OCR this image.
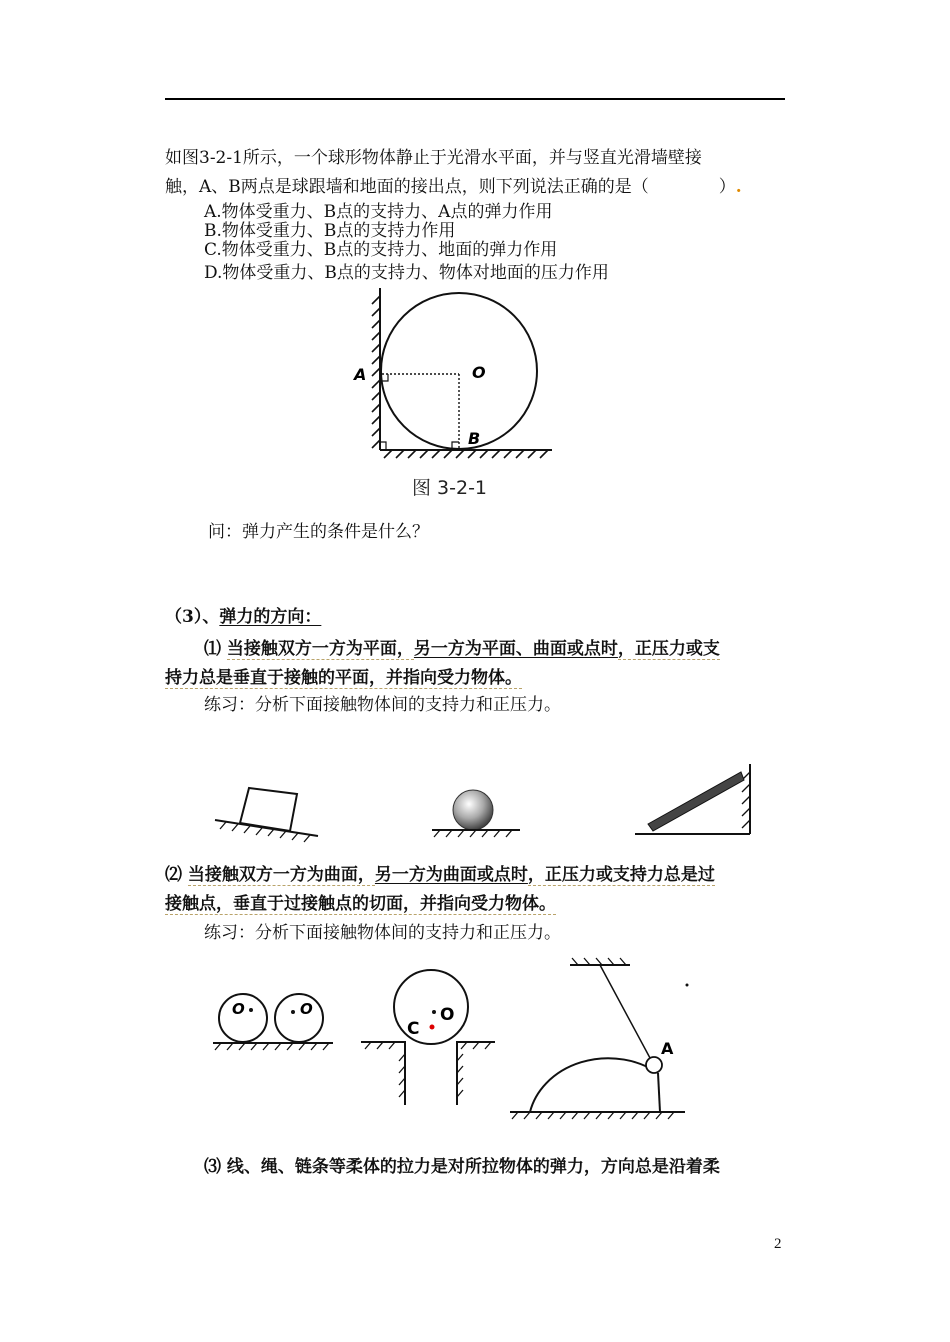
如图3-2-1所示，一个球形物体静止于光滑水平面，并与竖直光滑墙壁接
触，A、B两点是球跟墙和地面的接出点，则下列说法正确的是（	）.
A.物体受重力、B点的支持力、A点的弹力作用
B.物体受重力、B点的支持力作用
C.物体受重力、B点的支持力、地面的弹力作用
D.物体受重力、B点的支持力、物体对地面的压力作用
A	O
B
图 3-2-1
问：弹力产生的条件是什么？
（3）、弹力的方向：
⑴ 当接触双方一方为平面，另一方为平面、曲面或点时，正压力或支
持力总是垂直于接触的平面，并指向受力物体。
练习：分析下面接触物体间的支持力和正压力。
⑵ 当接触双方一方为曲面，另一方为曲面或点时，正压力或支持力总是过
接触点，垂直于过接触点的切面，并指向受力物体。
练习：分析下面接触物体间的支持力和正压力。
O	O
C
O
A
⑶ 线、绳、链条等柔体的拉力是对所拉物体的弹力，方向总是沿着柔
2
